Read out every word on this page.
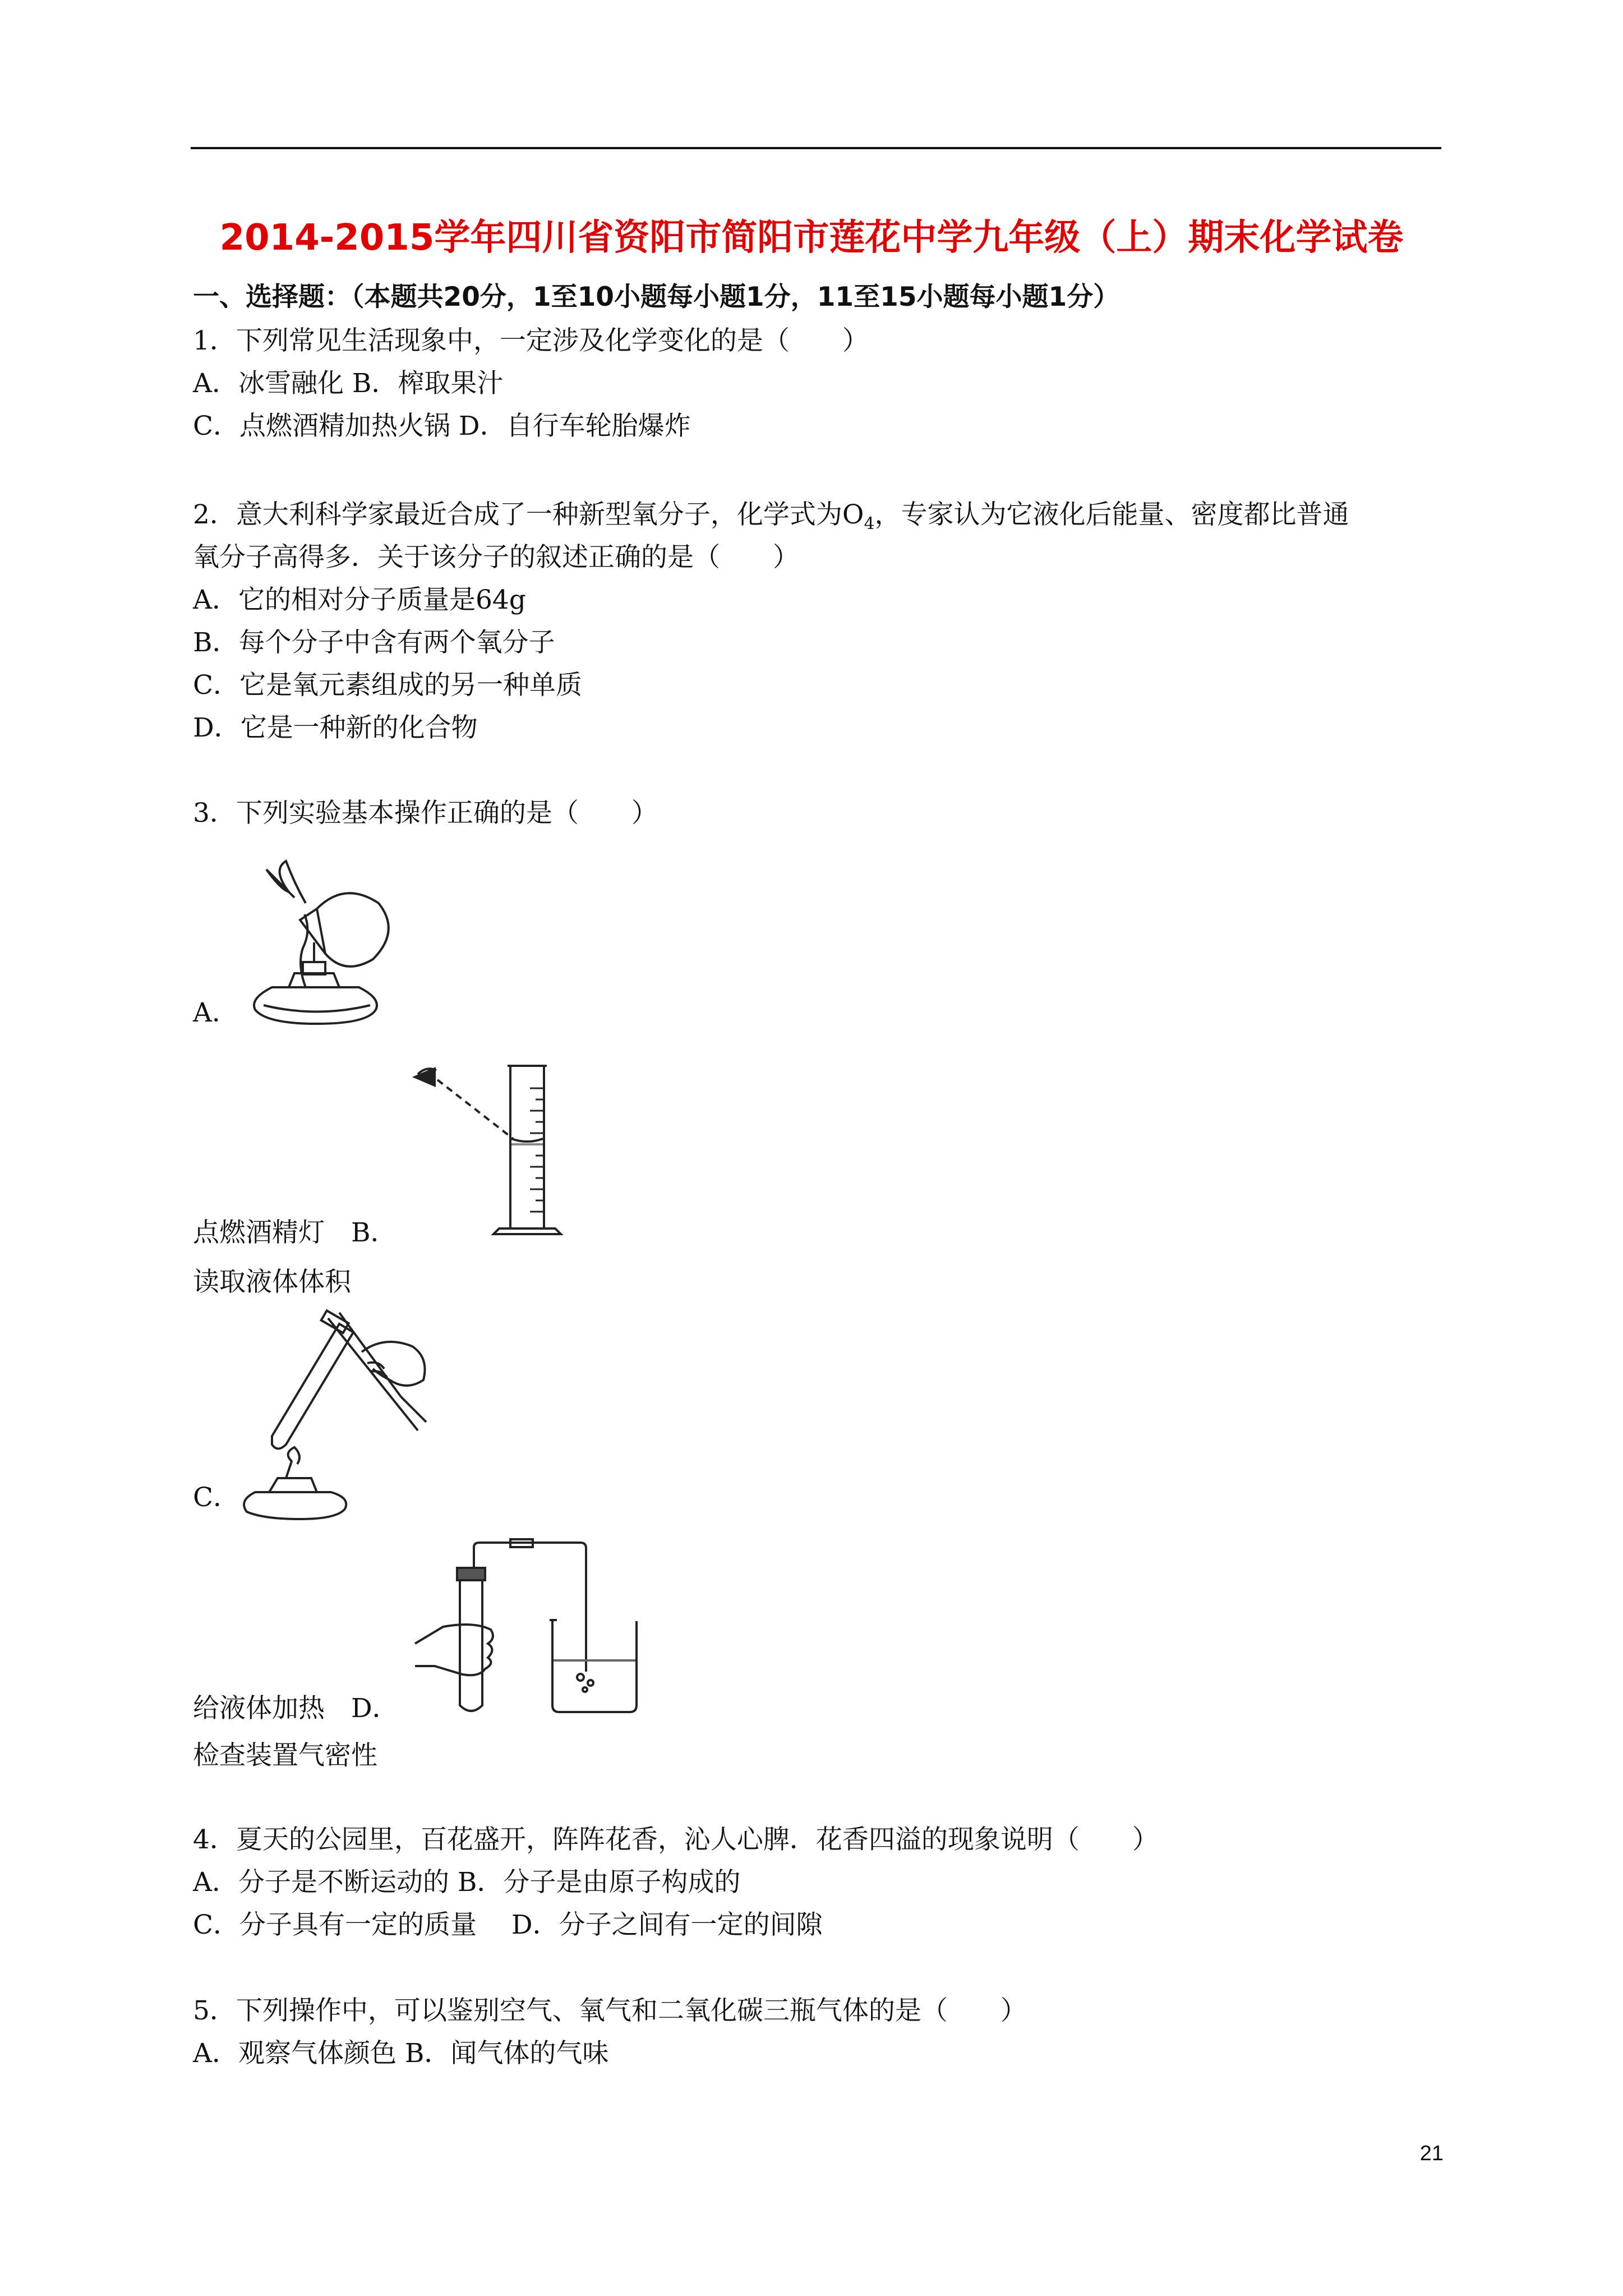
2014-2015学年四川省资阳市简阳市莲花中学九年级（上）期末化学试卷
一、选择题：（本题共20分，1至10小题每小题1分，11至15小题每小题1分）
1．下列常见生活现象中，一定涉及化学变化的是（　　）
A．冰雪融化 B．榨取果汁
C．点燃酒精加热火锅 D．自行车轮胎爆炸
2．意大利科学家最近合成了一种新型氧分子，化学式为$O_4$，专家认为它液化后能量、密度都比普通
氧分子高得多．关于该分子的叙述正确的是（　　）
A．它的相对分子质量是64g
B．每个分子中含有两个氧分子
C．它是氧元素组成的另一种单质
D．它是一种新的化合物
3．下列实验基本操作正确的是（　　）
A．
点燃酒精灯　B．
读取液体体积
C．
给液体加热　D．
检查装置气密性
4．夏天的公园里，百花盛开，阵阵花香，沁人心脾．花香四溢的现象说明（　　）
A．分子是不断运动的 B．分子是由原子构成的
C．分子具有一定的质量　 D．分子之间有一定的间隙
5．下列操作中，可以鉴别空气、氧气和二氧化碳三瓶气体的是（　　）
A．观察气体颜色 B．闻气体的气味
21
